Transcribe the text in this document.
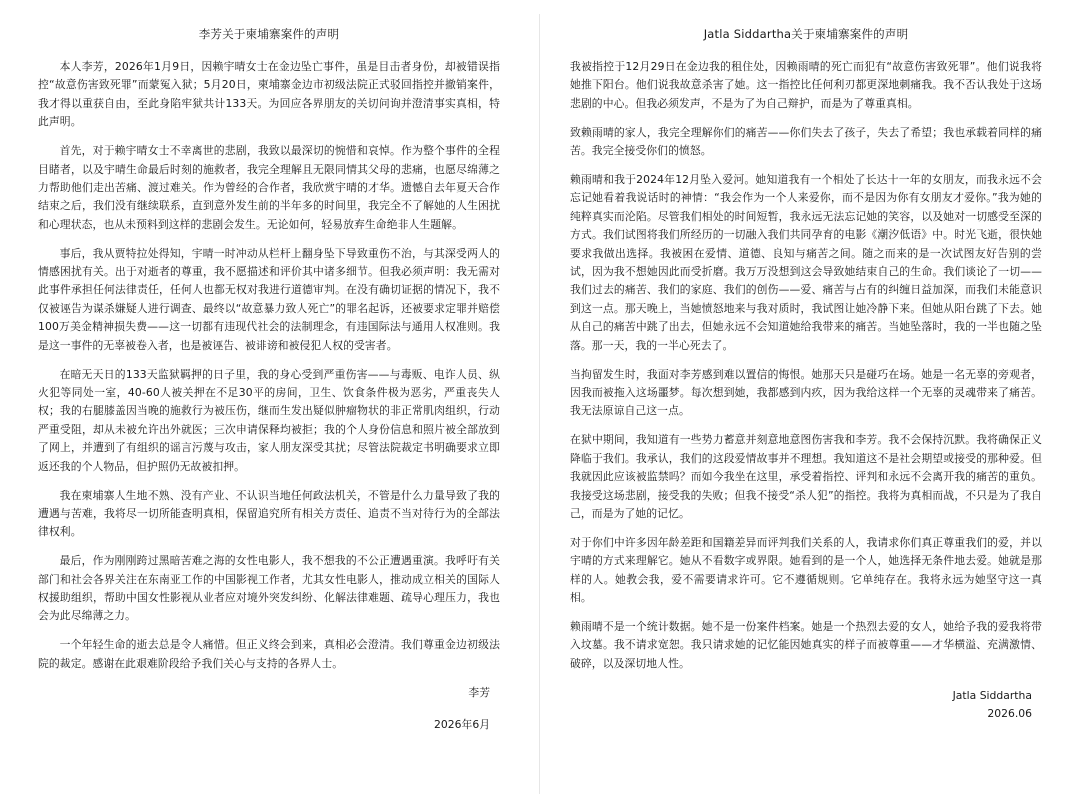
李芳关于柬埔寨案件的声明

本人李芳，2026年1月9日，因赖宇晴女士在金边坠亡事件，虽是目击者身份，却被错误指控“故意伤害致死罪”而蒙冤入狱；5月20日，柬埔寨金边市初级法院正式驳回指控并撤销案件，我才得以重获自由，至此身陷牢狱共计133天。为回应各界朋友的关切问询并澄清事实真相，特此声明。

首先，对于赖宇晴女士不幸离世的悲剧，我致以最深切的惋惜和哀悼。作为整个事件的全程目睹者，以及宇晴生命最后时刻的施救者，我完全理解且无限同情其父母的悲痛，也愿尽绵薄之力帮助他们走出苦痛、渡过难关。作为曾经的合作者，我欣赏宇晴的才华。遗憾自去年夏天合作结束之后，我们没有继续联系，直到意外发生前的半年多的时间里，我完全不了解她的人生困扰和心理状态，也从未预料到这样的悲剧会发生。无论如何，轻易放弃生命绝非人生题解。

事后，我从贾特拉处得知，宇晴一时冲动从栏杆上翻身坠下导致重伤不治，与其深受两人的情感困扰有关。出于对逝者的尊重，我不愿描述和评价其中诸多细节。但我必须声明：我无需对此事件承担任何法律责任，任何人也都无权对我进行道德审判。在没有确切证据的情况下，我不仅被诬告为谋杀嫌疑人进行调查、最终以“故意暴力致人死亡”的罪名起诉，还被要求定罪并赔偿100万美金精神损失费——这一切都有违现代社会的法制理念，有违国际法与通用人权准则。我是这一事件的无辜被卷入者，也是被诬告、被诽谤和被侵犯人权的受害者。

在暗无天日的133天监狱羁押的日子里，我的身心受到严重伤害——与毒贩、电诈人员、纵火犯等同处一室，40-60人被关押在不足30平的房间，卫生、饮食条件极为恶劣，严重丧失人权；我的右腿膝盖因当晚的施救行为被压伤，继而生发出疑似肿瘤物状的非正常肌肉组织，行动严重受阻，却从未被允许出外就医；三次申请保释均被拒；我的个人身份信息和照片被全部放到了网上，并遭到了有组织的谣言污蔑与攻击，家人朋友深受其扰；尽管法院裁定书明确要求立即返还我的个人物品，但护照仍无故被扣押。

我在柬埔寨人生地不熟、没有产业、不认识当地任何政法机关，不管是什么力量导致了我的遭遇与苦难，我将尽一切所能查明真相，保留追究所有相关方责任、追责不当对待行为的全部法律权利。

最后，作为刚刚跨过黑暗苦难之海的女性电影人，我不想我的不公正遭遇重演。我呼吁有关部门和社会各界关注在东南亚工作的中国影视工作者，尤其女性电影人，推动成立相关的国际人权援助组织，帮助中国女性影视从业者应对境外突发纠纷、化解法律难题、疏导心理压力，我也会为此尽绵薄之力。

一个年轻生命的逝去总是令人痛惜。但正义终会到来，真相必会澄清。我们尊重金边初级法院的裁定。感谢在此艰难阶段给予我们关心与支持的各界人士。

李芳

2026年6月

Jatla Siddartha关于柬埔寨案件的声明

我被指控于12月29日在金边我的租住处，因赖雨晴的死亡而犯有“故意伤害致死罪”。他们说我将她推下阳台。他们说我故意杀害了她。这一指控比任何利刃都更深地刺痛我。我不否认我处于这场悲剧的中心。但我必须发声，不是为了为自己辩护，而是为了尊重真相。

致赖雨晴的家人，我完全理解你们的痛苦——你们失去了孩子，失去了希望；我也承载着同样的痛苦。我完全接受你们的愤怒。

赖雨晴和我于2024年12月坠入爱河。她知道我有一个相处了长达十一年的女朋友，而我永远不会忘记她看着我说话时的神情：“我会作为一个人来爱你，而不是因为你有女朋友才爱你。”我为她的纯粹真实而沦陷。尽管我们相处的时间短暂，我永远无法忘记她的笑容，以及她对一切感受至深的方式。我们试图将我们所经历的一切融入我们共同孕育的电影《潮汐低语》中。时光飞逝，很快她要求我做出选择。我被困在爱情、道德、良知与痛苦之间。随之而来的是一次试图友好告别的尝试，因为我不想她因此而受折磨。我万万没想到这会导致她结束自己的生命。我们谈论了一切——我们过去的痛苦、我们的家庭、我们的创伤——爱、痛苦与占有的纠缠日益加深，而我们未能意识到这一点。那天晚上，当她愤怒地来与我对质时，我试图让她冷静下来。但她从阳台跳了下去。她从自己的痛苦中跳了出去，但她永远不会知道她给我带来的痛苦。当她坠落时，我的一半也随之坠落。那一天，我的一半心死去了。

当拘留发生时，我面对李芳感到难以置信的悔恨。她那天只是碰巧在场。她是一名无辜的旁观者，因我而被拖入这场噩梦。每次想到她，我都感到内疚，因为我给这样一个无辜的灵魂带来了痛苦。我无法原谅自己这一点。

在狱中期间，我知道有一些势力蓄意并刻意地意图伤害我和李芳。我不会保持沉默。我将确保正义降临于我们。我承认，我们的这段爱情故事并不理想。我知道这不是社会期望或接受的那种爱。但我就因此应该被监禁吗？而如今我坐在这里，承受着指控、评判和永远不会离开我的痛苦的重负。我接受这场悲剧，接受我的失败；但我不接受“杀人犯”的指控。我将为真相而战，不只是为了我自己，而是为了她的记忆。

对于你们中许多因年龄差距和国籍差异而评判我们关系的人，我请求你们真正尊重我们的爱，并以宇晴的方式来理解它。她从不看数字或界限。她看到的是一个人，她选择无条件地去爱。她就是那样的人。她教会我，爱不需要请求许可。它不遵循规则。它单纯存在。我将永远为她坚守这一真相。

赖雨晴不是一个统计数据。她不是一份案件档案。她是一个热烈去爱的女人，她给予我的爱我将带入坟墓。我不请求宽恕。我只请求她的记忆能因她真实的样子而被尊重——才华横溢、充满激情、破碎，以及深切地人性。

Jatla Siddartha

2026.06
